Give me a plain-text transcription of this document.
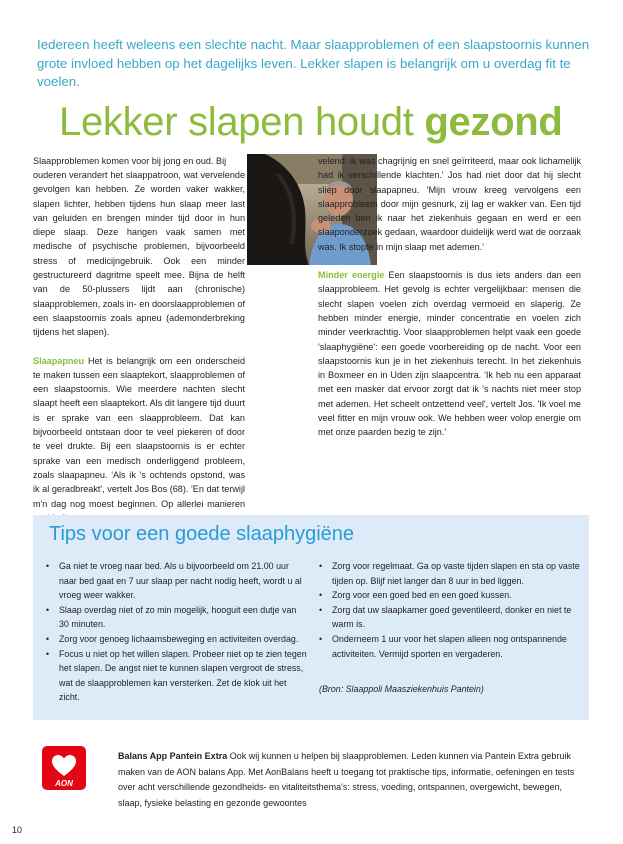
Iedereen heeft weleens een slechte nacht. Maar slaapproblemen of een slaapstoornis kunnen grote invloed hebben op het dagelijks leven. Lekker slapen is belangrijk om u overdag fit te voelen.
Lekker slapen houdt gezond

Slaapproblemen komen voor bij jong en oud. Bij

ouderen verandert het slaappatroon, wat vervelende gevolgen kan hebben. Ze worden vaker wakker, slapen lichter, hebben tijdens hun slaap meer last van geluiden en brengen minder tijd door in hun diepe slaap. Deze hangen vaak samen met medische of psychische problemen, bijvoorbeeld stress of medicijngebruik. Ook een minder gestructureerd dagritme speelt mee. Bijna de helft van de 50-plussers lijdt aan (chronische) slaapproblemen, zoals in- en doorslaapproblemen of een slaapstoornis zoals apneu (ademonderbreking tijdens het slapen).

Slaapapneu Het is belangrijk om een onderscheid te maken tussen een slaaptekort, slaapproblemen of een slaapstoornis. Wie meerdere nachten slecht slaapt heeft een slaaptekort. Als dit langere tijd duurt is er sprake van een slaapprobleem. Dat kan bijvoorbeeld ontstaan door te veel piekeren of door te veel drukte. Bij een slaapstoornis is er echter sprake van een medisch onderliggend probleem, zoals slaapapneu. 'Als ik 's ochtends opstond, was ik al geradbreakt', vertelt Jos Bos (68). 'En dat terwijl m'n dag nog moest beginnen. Op allerlei manieren

velend: ik was chagrijnig en snel geïrriteerd, maar ook lichamelijk had ik verschillende klachten.' Jos had niet door dat hij slecht sliep door slaapapneu. 'Mijn vrouw kreeg vervolgens een slaapprobleem door mijn gesnurk, zij lag er wakker van. Een tijd geleden ben ik naar het ziekenhuis gegaan en werd er een slaaponderzoek gedaan, waardoor duidelijk werd wat de oorzaak was. Ik stopte in mijn slaap met ademen.'

Minder energie Een slaapstoornis is dus iets anders dan een slaapprobleem. Het gevolg is echter vergelijkbaar: mensen die slecht slapen voelen zich overdag vermoeid en slaperig. Ze hebben minder energie, minder concentratie en voelen zich minder veerkrachtig. Voor slaapproblemen helpt vaak een goede 'slaaphygiëne': een goede voorbereiding op de nacht. Voor een slaapstoornis kun je in het ziekenhuis terecht. In het ziekenhuis in Boxmeer en in Uden zijn slaapcentra. 'Ik heb nu een apparaat met een masker dat ervoor zorgt dat ik 's nachts niet meer stop met ademen. Het scheelt ontzettend veel', vertelt Jos. 'Ik voel me veel fitter en mijn vrouw ook. We hebben weer volop energie om met onze paarden bezig te zijn.'

Tips voor een goede slaaphygiëne
• Ga niet te vroeg naar bed. Als u bijvoorbeeld om 21.00 uur naar bed gaat en 7 uur slaap per nacht nodig heeft, wordt u al vroeg weer wakker.
• Slaap overdag niet of zo min mogelijk, hooguit een dutje van 30 minuten.
• Zorg voor genoeg lichaamsbeweging en activiteiten overdag.
• Focus u niet op het willen slapen. Probeer niet op te zien tegen het slapen. De angst niet te kunnen slapen vergroot de stress, wat de slaapproblemen kan versterken. Zet de klok uit het zicht.
• Zorg voor regelmaat. Ga op vaste tijden slapen en sta op vaste tijden op. Blijf niet langer dan 8 uur in bed liggen.
• Zorg voor een goed bed en een goed kussen.
• Zorg dat uw slaapkamer goed geventileerd, donker en niet te warm is.
• Onderneem 1 uur voor het slapen alleen nog ontspannende activiteiten. Vermijd sporten en vergaderen.
(Bron: Slaappoli Maasziekenhuis Pantein)
AON
Balans App Pantein Extra Ook wij kunnen u helpen bij slaapproblemen. Leden kunnen via Pantein Extra gebruik maken van de AON balans App. Met AonBalans heeft u toegang tot praktische tips, informatie, oefeningen en tests over acht verschillende gezondheids- en vitaliteitsthema's: stress, voeding, ontspannen, overgewicht, bewegen, slaap, fysieke belasting en gezonde gewoontes
10
